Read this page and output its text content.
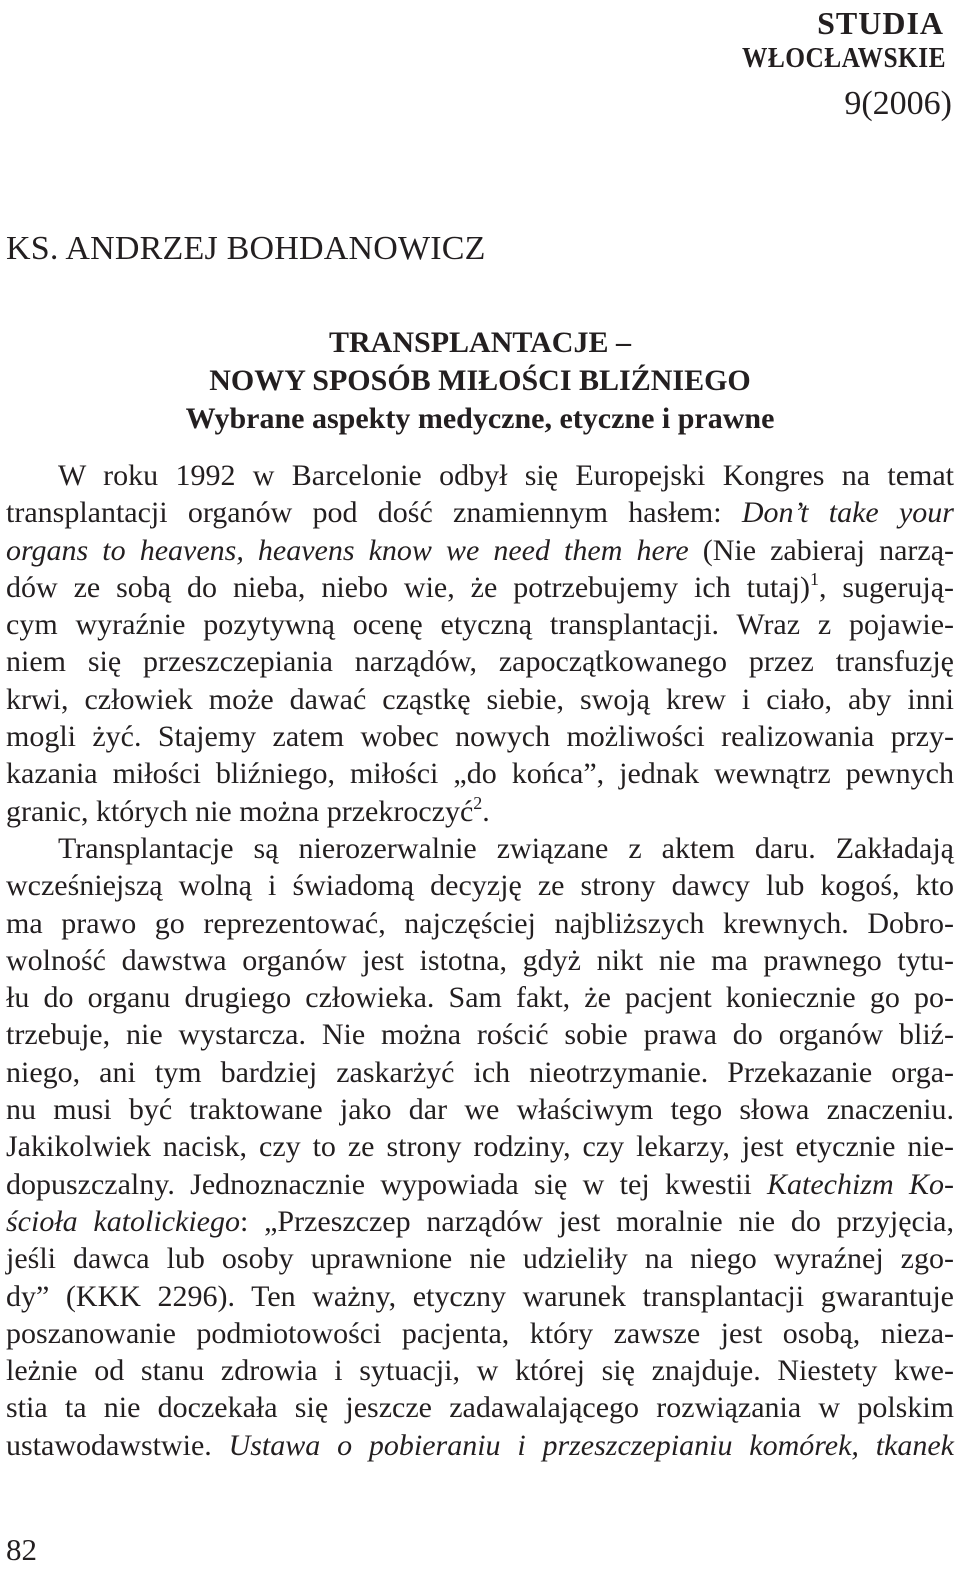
STUDIA
WŁOCŁAWSKIE
9(2006)
KS. ANDRZEJ BOHDANOWICZ
TRANSPLANTACJE –
NOWY SPOSÓB MIŁOŚCI BLIŹNIEGO
Wybrane aspekty medyczne, etyczne i prawne
W roku 1992 w Barcelonie odbył się Europejski Kongres na temat
transplantacji organów pod dość znamiennym hasłem: Don’t take your
organs to heavens, heavens know we need them here (Nie zabieraj narzą-
dów ze sobą do nieba, niebo wie, że potrzebujemy ich tutaj)$^1$, sugerują-
cym wyraźnie pozytywną ocenę etyczną transplantacji. Wraz z pojawie-
niem się przeszczepiania narządów, zapoczątkowanego przez transfuzję
krwi, człowiek może dawać cząstkę siebie, swoją krew i ciało, aby inni
mogli żyć. Stajemy zatem wobec nowych możliwości realizowania przy-
kazania miłości bliźniego, miłości „do końca”, jednak wewnątrz pewnych
granic, których nie można przekroczyć$^2$.
Transplantacje są nierozerwalnie związane z aktem daru. Zakładają
wcześniejszą wolną i świadomą decyzję ze strony dawcy lub kogoś, kto
ma prawo go reprezentować, najczęściej najbliższych krewnych. Dobro-
wolność dawstwa organów jest istotna, gdyż nikt nie ma prawnego tytu-
łu do organu drugiego człowieka. Sam fakt, że pacjent koniecznie go po-
trzebuje, nie wystarcza. Nie można rościć sobie prawa do organów bliź-
niego, ani tym bardziej zaskarżyć ich nieotrzymanie. Przekazanie orga-
nu musi być traktowane jako dar we właściwym tego słowa znaczeniu.
Jakikolwiek nacisk, czy to ze strony rodziny, czy lekarzy, jest etycznie nie-
dopuszczalny. Jednoznacznie wypowiada się w tej kwestii Katechizm Ko-
ścioła katolickiego: „Przeszczep narządów jest moralnie nie do przyjęcia,
jeśli dawca lub osoby uprawnione nie udzieliły na niego wyraźnej zgo-
dy” (KKK 2296). Ten ważny, etyczny warunek transplantacji gwarantuje
poszanowanie podmiotowości pacjenta, który zawsze jest osobą, nieza-
leżnie od stanu zdrowia i sytuacji, w której się znajduje. Niestety kwe-
stia ta nie doczekała się jeszcze zadawalającego rozwiązania w polskim
ustawodawstwie. Ustawa o pobieraniu i przeszczepianiu komórek, tkanek
82
